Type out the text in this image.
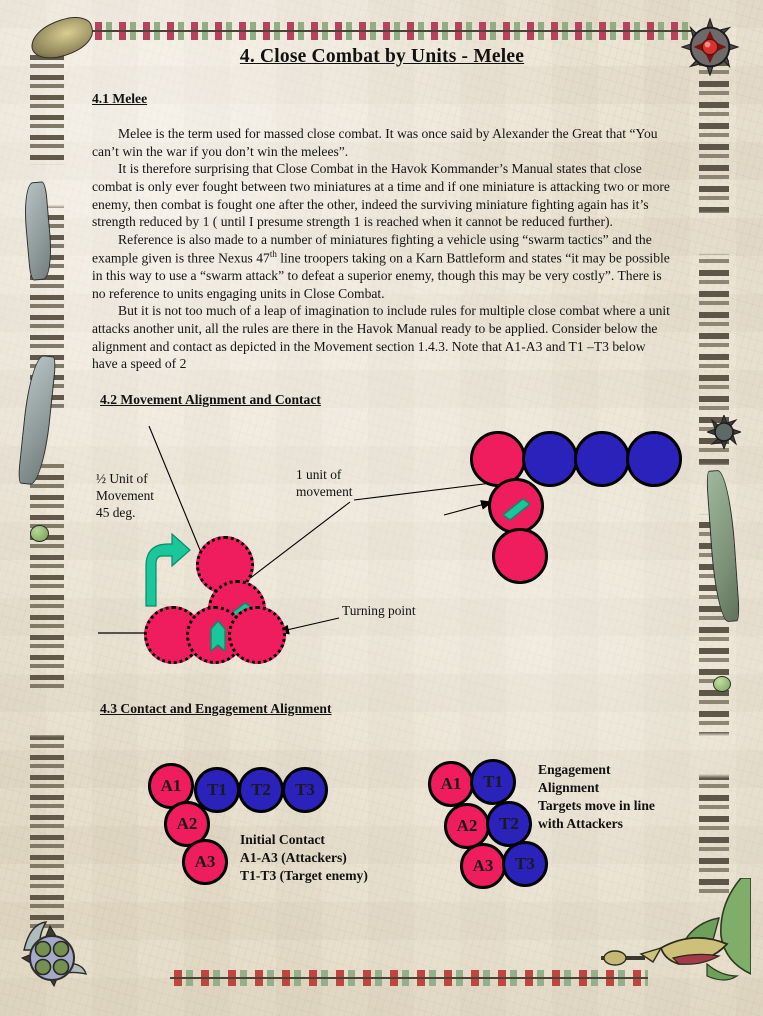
4. Close Combat by Units - Melee
4.1 Melee

Melee is the term used for massed close combat. It was once said by Alexander the Great that “You can’t win the war if you don’t win the melees”.

It is therefore surprising that Close Combat in the Havok Kommander’s Manual states that close combat is only ever fought between two miniatures at a time and if one miniature is attacking two or more enemy, then combat is fought one after the other, indeed the surviving miniature fighting again has it’s strength reduced by 1 ( until I presume strength 1 is reached when it cannot be reduced further).

Reference is also made to a number of miniatures fighting a vehicle using “swarm tactics” and the example given is three Nexus 47th line troopers taking on a Karn Battleform and states “it may be possible in this way to use a “swarm attack” to defeat a superior enemy, though this may be very costly”. There is no reference to units engaging units in Close Combat.

But it is not too much of a leap of imagination to include rules for multiple close combat where a unit attacks another unit, all the rules are there in the Havok Manual ready to be applied. Consider below the alignment and contact as depicted in the Movement section 1.4.3. Note that A1-A3 and T1 –T3 below have a speed of 2

4.2 Movement Alignment and Contact
½ Unit of
Movement
45 deg.
1 unit of
movement
Turning point
4.3 Contact and Engagement Alignment
A1
A2
A3
T1	T2	T3
Initial Contact
A1-A3 (Attackers)
T1-T3 (Target enemy)
A1
A2
A3
T1
T2
T3
Engagement Alignment
Targets move in line
with Attackers
